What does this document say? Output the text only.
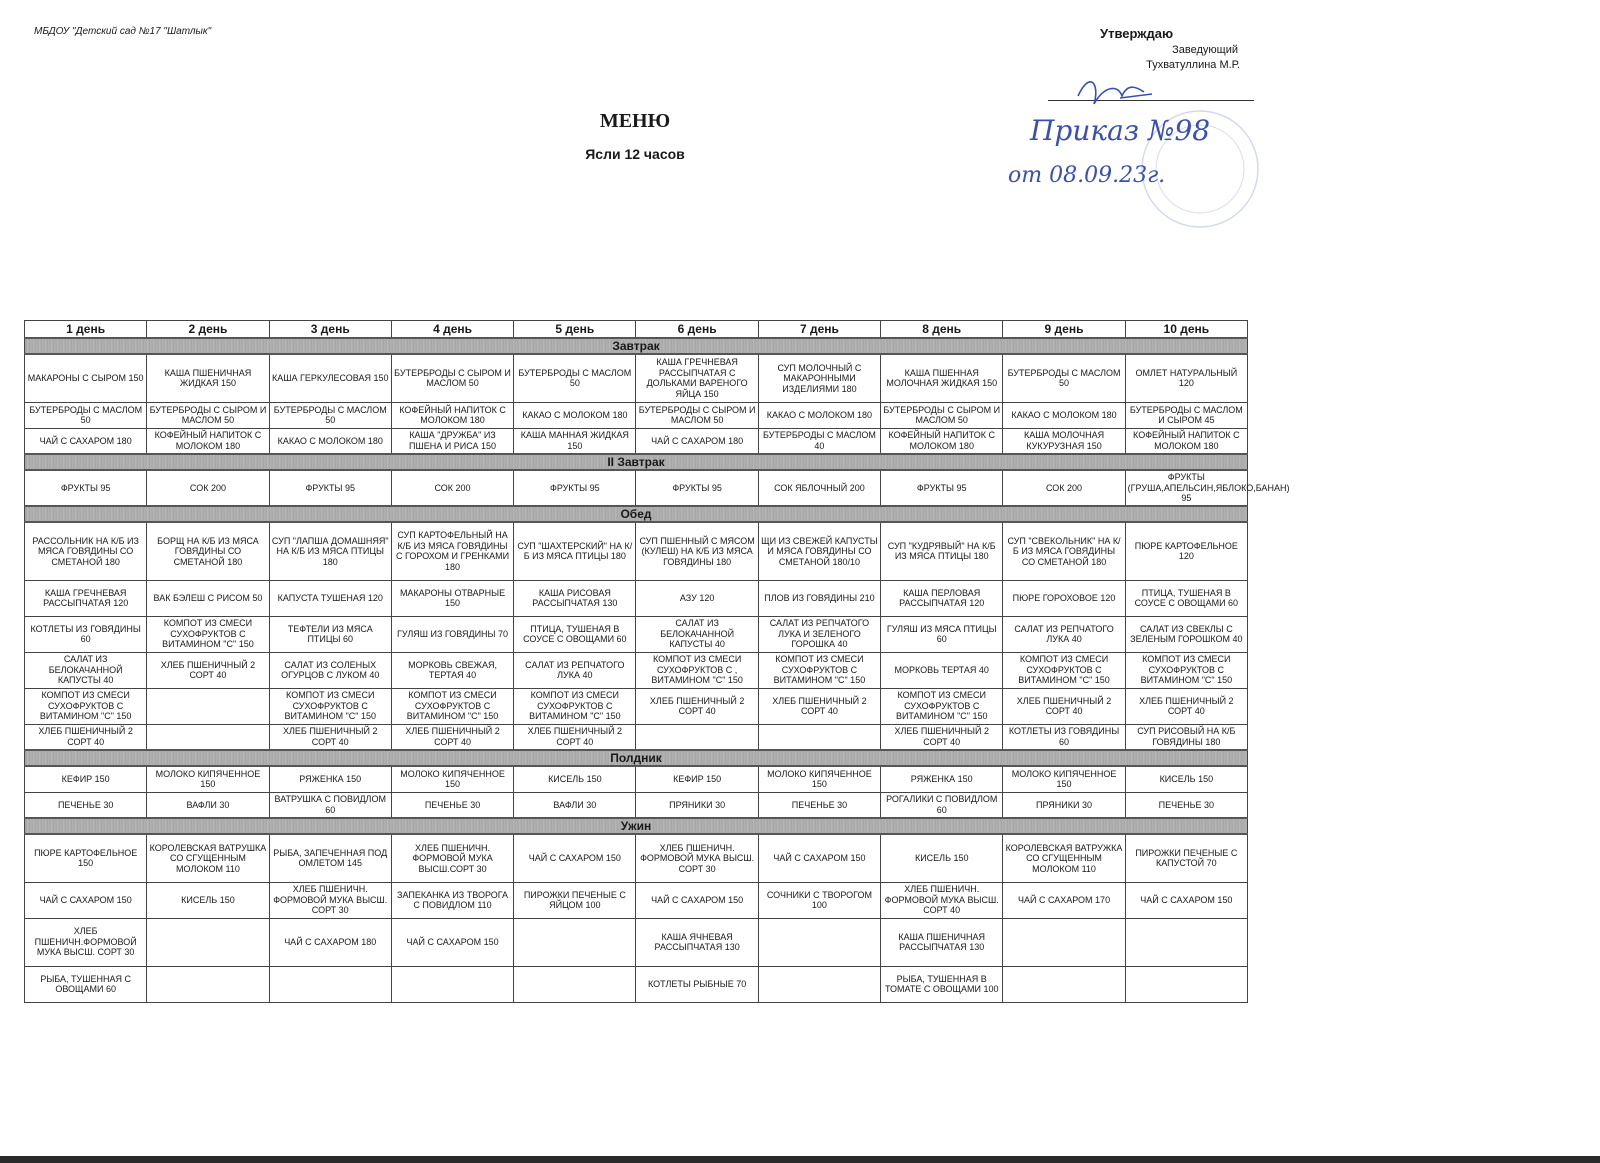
МБДОУ "Детский сад №17 "Шатлык"	Утверждаю
Заведующий
Тухватуллина М.Р.
Приказ №98
от 08.09.23г.
МЕНЮ
Ясли 12 часов
1 день	2 день	3 день	4 день	5 день	6 день	7 день	8 день	9 день	10 день
Завтрак									
МАКАРОНЫ С СЫРОМ 150	КАША ПШЕНИЧНАЯ ЖИДКАЯ 150	КАША ГЕРКУЛЕСОВАЯ 150	БУТЕРБРОДЫ С СЫРОМ И МАСЛОМ 50	БУТЕРБРОДЫ С МАСЛОМ 50	КАША ГРЕЧНЕВАЯ РАССЫПЧАТАЯ С ДОЛЬКАМИ ВАРЕНОГО ЯЙЦА 150	СУП МОЛОЧНЫЙ С МАКАРОННЫМИ ИЗДЕЛИЯМИ 180	КАША ПШЕННАЯ МОЛОЧНАЯ ЖИДКАЯ 150	БУТЕРБРОДЫ С МАСЛОМ 50	ОМЛЕТ НАТУРАЛЬНЫЙ 120
БУТЕРБРОДЫ С МАСЛОМ 50	БУТЕРБРОДЫ С СЫРОМ И МАСЛОМ 50	БУТЕРБРОДЫ С МАСЛОМ 50	КОФЕЙНЫЙ НАПИТОК С МОЛОКОМ 180	КАКАО С МОЛОКОМ 180	БУТЕРБРОДЫ С СЫРОМ И МАСЛОМ 50	КАКАО С МОЛОКОМ 180	БУТЕРБРОДЫ С СЫРОМ И МАСЛОМ 50	КАКАО С МОЛОКОМ 180	БУТЕРБРОДЫ С МАСЛОМ И СЫРОМ 45
ЧАЙ С САХАРОМ 180	КОФЕЙНЫЙ НАПИТОК С МОЛОКОМ 180	КАКАО С МОЛОКОМ 180	КАША "ДРУЖБА" ИЗ ПШЕНА И РИСА 150	КАША МАННАЯ ЖИДКАЯ 150	ЧАЙ С САХАРОМ 180	БУТЕРБРОДЫ С МАСЛОМ 40	КОФЕЙНЫЙ НАПИТОК С МОЛОКОМ 180	КАША МОЛОЧНАЯ КУКУРУЗНАЯ 150	КОФЕЙНЫЙ НАПИТОК С МОЛОКОМ 180
II Завтрак									
ФРУКТЫ 95	СОК 200	ФРУКТЫ 95	СОК 200	ФРУКТЫ 95	ФРУКТЫ 95	СОК ЯБЛОЧНЫЙ 200	ФРУКТЫ 95	СОК 200	ФРУКТЫ (ГРУША,АПЕЛЬСИН,ЯБЛОКО,БАНАН) 95
Обед									
РАССОЛЬНИК НА К/Б ИЗ МЯСА ГОВЯДИНЫ СО СМЕТАНОЙ 180	БОРЩ НА К/Б ИЗ МЯСА ГОВЯДИНЫ СО СМЕТАНОЙ 180	СУП "ЛАПША ДОМАШНЯЯ" НА К/Б ИЗ МЯСА ПТИЦЫ 180	СУП КАРТОФЕЛЬНЫЙ НА К/Б ИЗ МЯСА ГОВЯДИНЫ С ГОРОХОМ И ГРЕНКАМИ 180	СУП "ШАХТЕРСКИЙ" НА К/Б ИЗ МЯСА ПТИЦЫ 180	СУП ПШЕННЫЙ С МЯСОМ (КУЛЕШ) НА К/Б ИЗ МЯСА ГОВЯДИНЫ 180	ЩИ ИЗ СВЕЖЕЙ КАПУСТЫ И МЯСА ГОВЯДИНЫ СО СМЕТАНОЙ 180/10	СУП "КУДРЯВЫЙ" НА К/Б ИЗ МЯСА ПТИЦЫ 180	СУП "СВЕКОЛЬНИК" НА К/Б ИЗ МЯСА ГОВЯДИНЫ СО СМЕТАНОЙ 180	ПЮРЕ КАРТОФЕЛЬНОЕ 120
КАША ГРЕЧНЕВАЯ РАССЫПЧАТАЯ 120	ВАК БЭЛЕШ С РИСОМ 50	КАПУСТА ТУШЕНАЯ 120	МАКАРОНЫ ОТВАРНЫЕ 150	КАША РИСОВАЯ РАССЫПЧАТАЯ 130	АЗУ 120	ПЛОВ ИЗ ГОВЯДИНЫ 210	КАША ПЕРЛОВАЯ РАССЫПЧАТАЯ 120	ПЮРЕ ГОРОХОВОЕ 120	ПТИЦА, ТУШЕНАЯ В СОУСЕ С ОВОЩАМИ 60
КОТЛЕТЫ ИЗ ГОВЯДИНЫ 60	КОМПОТ ИЗ СМЕСИ СУХОФРУКТОВ С ВИТАМИНОМ "С" 150	ТЕФТЕЛИ ИЗ МЯСА ПТИЦЫ 60	ГУЛЯШ ИЗ ГОВЯДИНЫ 70	ПТИЦА, ТУШЕНАЯ В СОУСЕ С ОВОЩАМИ 60	САЛАТ ИЗ БЕЛОКАЧАННОЙ КАПУСТЫ 40	САЛАТ ИЗ РЕПЧАТОГО ЛУКА И ЗЕЛЕНОГО ГОРОШКА 40	ГУЛЯШ ИЗ МЯСА ПТИЦЫ 60	САЛАТ ИЗ РЕПЧАТОГО ЛУКА 40	САЛАТ ИЗ СВЕКЛЫ С ЗЕЛЕНЫМ ГОРОШКОМ 40
САЛАТ ИЗ БЕЛОКАЧАННОЙ КАПУСТЫ 40	ХЛЕБ ПШЕНИЧНЫЙ 2 СОРТ 40	САЛАТ ИЗ СОЛЕНЫХ ОГУРЦОВ С ЛУКОМ 40	МОРКОВЬ СВЕЖАЯ, ТЕРТАЯ 40	САЛАТ ИЗ РЕПЧАТОГО ЛУКА 40	КОМПОТ ИЗ СМЕСИ СУХОФРУКТОВ С , ВИТАМИНОМ "С" 150	КОМПОТ ИЗ СМЕСИ СУХОФРУКТОВ С ВИТАМИНОМ "С" 150	МОРКОВЬ ТЕРТАЯ 40	КОМПОТ ИЗ СМЕСИ СУХОФРУКТОВ С ВИТАМИНОМ "С" 150	КОМПОТ ИЗ СМЕСИ СУХОФРУКТОВ С ВИТАМИНОМ "С" 150
КОМПОТ ИЗ СМЕСИ СУХОФРУКТОВ С ВИТАМИНОМ "С" 150		КОМПОТ ИЗ СМЕСИ СУХОФРУКТОВ С ВИТАМИНОМ "С" 150	КОМПОТ ИЗ СМЕСИ СУХОФРУКТОВ С ВИТАМИНОМ "С" 150	КОМПОТ ИЗ СМЕСИ СУХОФРУКТОВ С ВИТАМИНОМ "С" 150	ХЛЕБ ПШЕНИЧНЫЙ 2 СОРТ 40	ХЛЕБ ПШЕНИЧНЫЙ 2 СОРТ 40	КОМПОТ ИЗ СМЕСИ СУХОФРУКТОВ С ВИТАМИНОМ "С" 150	ХЛЕБ ПШЕНИЧНЫЙ 2 СОРТ 40	ХЛЕБ ПШЕНИЧНЫЙ 2 СОРТ 40
ХЛЕБ ПШЕНИЧНЫЙ 2 СОРТ 40		ХЛЕБ ПШЕНИЧНЫЙ 2 СОРТ 40	ХЛЕБ ПШЕНИЧНЫЙ 2 СОРТ 40	ХЛЕБ ПШЕНИЧНЫЙ 2 СОРТ 40			ХЛЕБ ПШЕНИЧНЫЙ 2 СОРТ 40	КОТЛЕТЫ ИЗ ГОВЯДИНЫ 60	СУП РИСОВЫЙ НА К/Б ГОВЯДИНЫ 180
Полдник									
КЕФИР 150	МОЛОКО КИПЯЧЕННОЕ 150	РЯЖЕНКА 150	МОЛОКО КИПЯЧЕННОЕ 150	КИСЕЛЬ 150	КЕФИР 150	МОЛОКО КИПЯЧЕННОЕ 150	РЯЖЕНКА 150	МОЛОКО КИПЯЧЕННОЕ 150	КИСЕЛЬ 150
ПЕЧЕНЬЕ 30	ВАФЛИ 30	ВАТРУШКА С ПОВИДЛОМ 60	ПЕЧЕНЬЕ 30	ВАФЛИ 30	ПРЯНИКИ 30	ПЕЧЕНЬЕ 30	РОГАЛИКИ С ПОВИДЛОМ 60	ПРЯНИКИ 30	ПЕЧЕНЬЕ 30
Ужин									
ПЮРЕ КАРТОФЕЛЬНОЕ 150	КОРОЛЕВСКАЯ ВАТРУШКА СО СГУЩЕННЫМ МОЛОКОМ 110	РЫБА, ЗАПЕЧЕННАЯ ПОД ОМЛЕТОМ 145	ХЛЕБ ПШЕНИЧН. ФОРМОВОЙ МУКА ВЫСШ.СОРТ 30	ЧАЙ С САХАРОМ 150	ХЛЕБ ПШЕНИЧН. ФОРМОВОЙ МУКА ВЫСШ. СОРТ 30	ЧАЙ С САХАРОМ 150	КИСЕЛЬ 150	КОРОЛЕВСКАЯ ВАТРУЖКА СО СГУЩЕННЫМ МОЛОКОМ 110	ПИРОЖКИ ПЕЧЕНЫЕ С КАПУСТОЙ 70
ЧАЙ С САХАРОМ 150	КИСЕЛЬ 150	ХЛЕБ ПШЕНИЧН. ФОРМОВОЙ МУКА ВЫСШ. СОРТ 30	ЗАПЕКАНКА ИЗ ТВОРОГА С ПОВИДЛОМ 110	ПИРОЖКИ ПЕЧЕНЫЕ С ЯЙЦОМ 100	ЧАЙ С САХАРОМ 150	СОЧНИКИ С ТВОРОГОМ 100	ХЛЕБ ПШЕНИЧН. ФОРМОВОЙ МУКА ВЫСШ. СОРТ 40	ЧАЙ С САХАРОМ 170	ЧАЙ С САХАРОМ 150
ХЛЕБ ПШЕНИЧН.ФОРМОВОЙ МУКА ВЫСШ. СОРТ 30		ЧАЙ С САХАРОМ 180	ЧАЙ С САХАРОМ 150		КАША ЯЧНЕВАЯ РАССЫПЧАТАЯ 130		КАША ПШЕНИЧНАЯ РАССЫПЧАТАЯ 130		
РЫБА, ТУШЕННАЯ С ОВОЩАМИ 60					КОТЛЕТЫ РЫБНЫЕ 70		РЫБА, ТУШЕННАЯ В ТОМАТЕ С ОВОЩАМИ 100		
